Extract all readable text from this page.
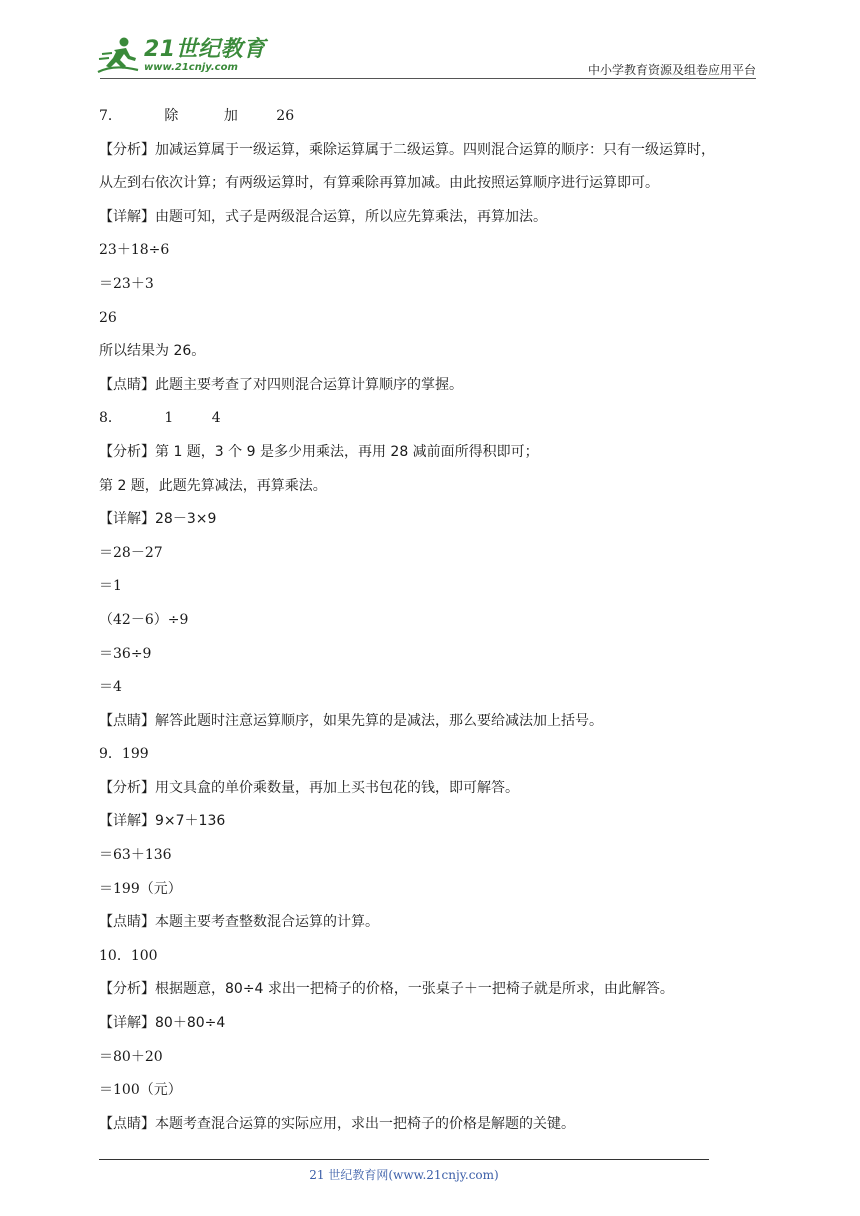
21世纪教育
www.21cnjy.com	中小学教育资源及组卷应用平台
7．	除	加	26
【分析】加减运算属于一级运算，乘除运算属于二级运算。四则混合运算的顺序：只有一级运算时，
从左到右依次计算；有两级运算时，有算乘除再算加减。由此按照运算顺序进行运算即可。
【详解】由题可知，式子是两级混合运算，所以应先算乘法，再算加法。
23＋18÷6
＝23＋3
26
所以结果为 26。
【点睛】此题主要考查了对四则混合运算计算顺序的掌握。
8．	1	4
【分析】第 1 题，3 个 9 是多少用乘法，再用 28 减前面所得积即可；
第 2 题，此题先算减法，再算乘法。
【详解】28－3×9
＝28－27
＝1
（42－6）÷9
＝36÷9
＝4
【点睛】解答此题时注意运算顺序，如果先算的是减法，那么要给减法加上括号。
9．199
【分析】用文具盒的单价乘数量，再加上买书包花的钱，即可解答。
【详解】9×7＋136
＝63＋136
＝199（元）
【点睛】本题主要考查整数混合运算的计算。
10．100
【分析】根据题意，80÷4 求出一把椅子的价格，一张桌子＋一把椅子就是所求，由此解答。
【详解】80＋80÷4
＝80＋20
＝100（元）
【点睛】本题考查混合运算的实际应用，求出一把椅子的价格是解题的关键。
21 世纪教育网(www.21cnjy.com)
